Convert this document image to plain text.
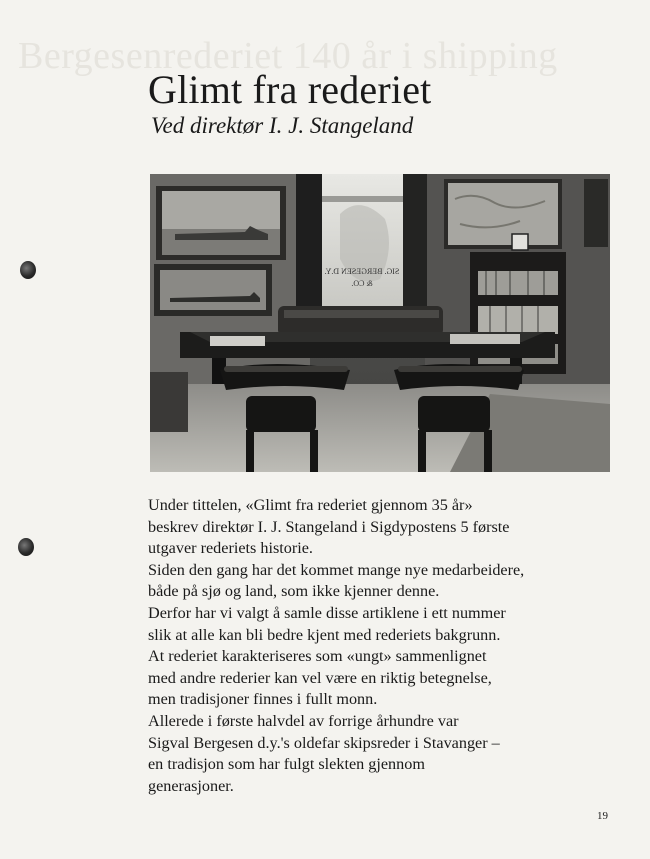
Bergesenrederiet 140 år i shipping
Glimt fra rederiet
Ved direktør I. J. Stangeland
SIG. BERGESEN D.Y.
& CO.
Under tittelen, «Glimt fra rederiet gjennom 35 år»
beskrev direktør I. J. Stangeland i Sigdypostens 5 første
utgaver rederiets historie.
Siden den gang har det kommet mange nye medarbeidere,
både på sjø og land, som ikke kjenner denne.
Derfor har vi valgt å samle disse artiklene i ett nummer
slik at alle kan bli bedre kjent med rederiets bakgrunn.
At rederiet karakteriseres som «ungt» sammenlignet
med andre rederier kan vel være en riktig betegnelse,
men tradisjoner finnes i fullt monn.
Allerede i første halvdel av forrige århundre var
Sigval Bergesen d.y.'s oldefar skipsreder i Stavanger –
en tradisjon som har fulgt slekten gjennom
generasjoner.
19
